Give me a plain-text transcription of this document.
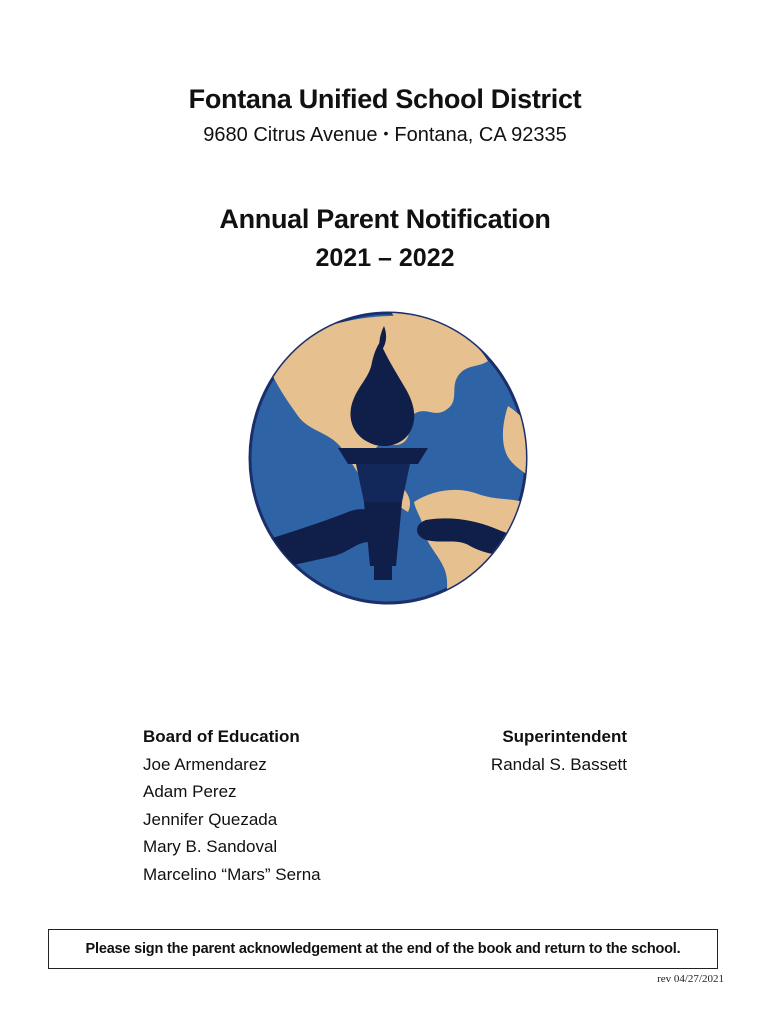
Fontana Unified School District
9680 Citrus Avenue • Fontana, CA 92335
Annual Parent Notification
2021 – 2022
Board of Education
Joe Armendarez
Adam Perez
Jennifer Quezada
Mary B. Sandoval
Marcelino “Mars” Serna
Superintendent
Randal S. Bassett
Please sign the parent acknowledgement at the end of the book and return to the school.
rev 04/27/2021
